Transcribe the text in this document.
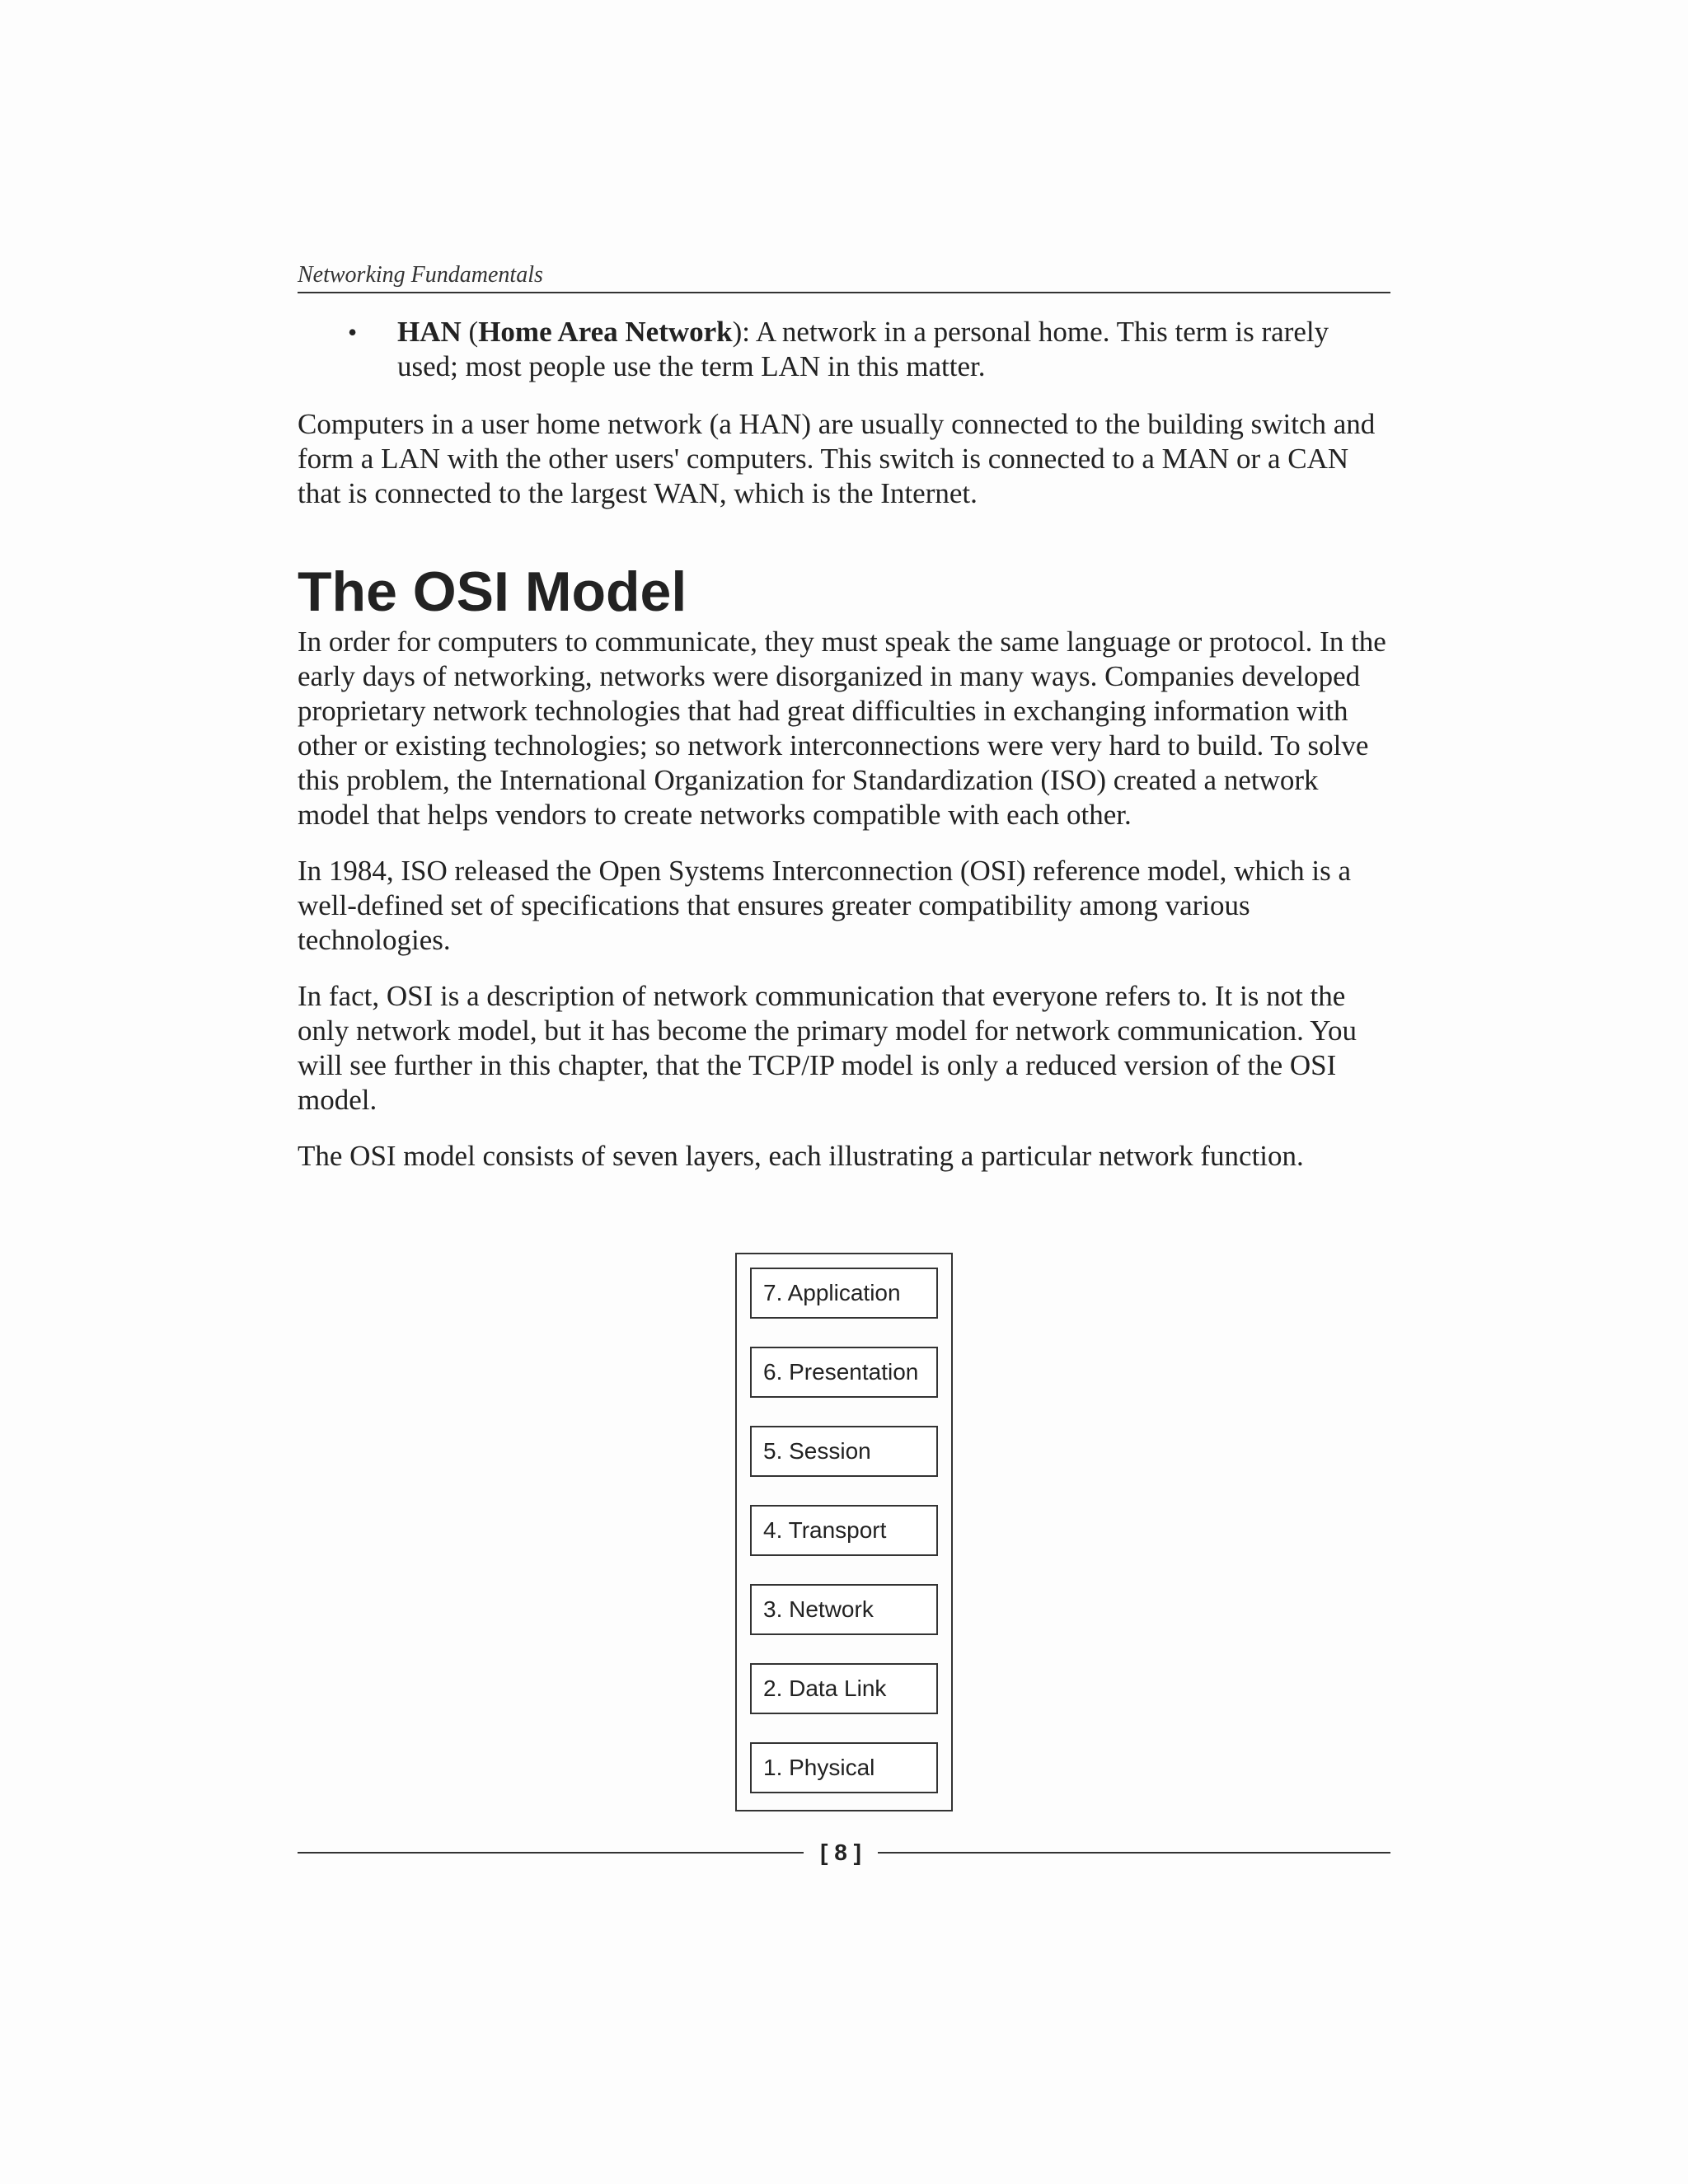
Networking Fundamentals
• HAN (Home Area Network): A network in a personal home. This term is rarely used; most people use the term LAN in this matter.

Computers in a user home network (a HAN) are usually connected to the building switch and form a LAN with the other users' computers. This switch is connected to a MAN or a CAN that is connected to the largest WAN, which is the Internet.

The OSI Model

In order for computers to communicate, they must speak the same language or protocol. In the early days of networking, networks were disorganized in many ways. Companies developed proprietary network technologies that had great difficulties in exchanging information with other or existing technologies; so network interconnections were very hard to build. To solve this problem, the International Organization for Standardization (ISO) created a network model that helps vendors to create networks compatible with each other.

In 1984, ISO released the Open Systems Interconnection (OSI) reference model, which is a well-defined set of specifications that ensures greater compatibility among various technologies.

In fact, OSI is a description of network communication that everyone refers to. It is not the only network model, but it has become the primary model for network communication. You will see further in this chapter, that the TCP/IP model is only a reduced version of the OSI model.

The OSI model consists of seven layers, each illustrating a particular network function.

7. Application
6. Presentation
5. Session
4. Transport
3. Network
2. Data Link
1. Physical
[ 8 ]
